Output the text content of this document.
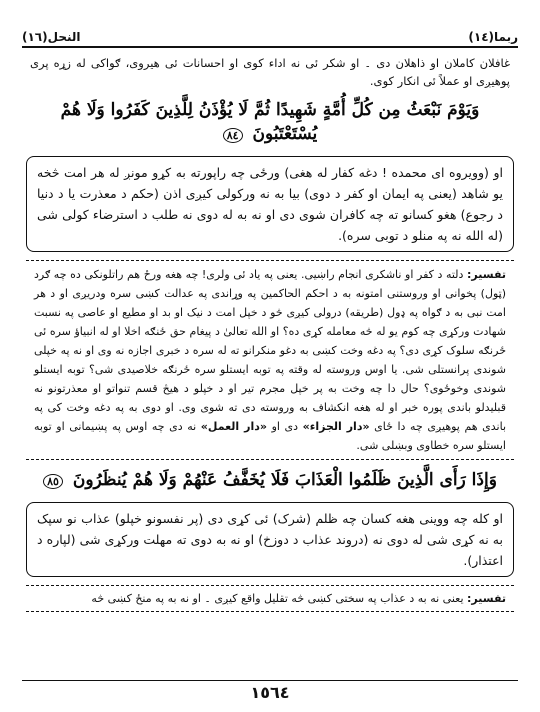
النحل(١٦)	ربما(١٤)
غافلان کاملان او ذاهلان دی ۔ او شکر ئی نه اداء کوی او احسانات ئی هیروی، ګواکی له زړه پری پوهیږی او عملاً ئی انکار کوی.
وَيَوْمَ نَبْعَثُ مِن كُلِّ أُمَّةٍ شَهِيدًا ثُمَّ لَا يُؤْذَنُ لِلَّذِينَ كَفَرُوا وَلَا هُمْ يُسْتَعْتَبُونَ ٨٤
او (وویروه ای محمده ! دغه کفار له هغی) ورځی چه راپورته به کړو مونږ له هر امت څخه یو شاهد (یعنی په ایمان او کفر د دوی) بیا به نه ورکولی کیږی اذن (حکم د معذرت یا د دنیا د رجوع) هغو کسانو ته چه کافران شوی دی او نه به له دوی نه طلب د استرضاء کولی شی (له الله نه په منلو د توبی سره).
تفسیر: دلته د کفر او ناشکری انجام راښیی. یعنی په یاد ئی ولری! چه هغه ورځ هم راتلونکی ده چه ګرد (ټول) پخوانی او وروستنی امتونه به د احکم الحاکمین په وړاندی په عدالت کښی سره ودریږی او د هر امت نبی به د ګواه په ډول (طریقه) درولی کیږی څو د خپل امت د نیک او بد او مطیع او عاصی په نسبت شهادت ورکړی چه کوم یو له څه معامله کړی ده؟ او الله تعالیٰ د پیغام حق ځنګه اخلا او له انبیاؤ سره ئی ځرنګه سلوک کړی دی؟ په دغه وخت کښی به دغو منکرانو ته له سره د خبری اجازه نه وی او نه په خپلی شوندی پرانستلی شی. یا اوس وروسته له وقته په توبه ایستلو سره ځرنګه خلاصیدی شی؟ توبه ایستلو شوندی وخوځوی؟ حال دا چه وخت به پر خپل مجرم تیر او د خپلو د هیڅ قسم تنواتو او معذرتونو نه قبلیدلو باندی پوره خبر او له هغه انکشاف به وروسته دی ته شوی وی. او دوی به په دغه وخت کی په باندی هم پوهیږی چه دا ځای «دار الجزاء» دی او «دار العمل» نه دی چه اوس په پښیمانی او توبه ایستلو سره خطاوی وبښلی شی.
وَإِذَا رَأَى الَّذِينَ ظَلَمُوا الْعَذَابَ فَلَا يُخَفَّفُ عَنْهُمْ وَلَا هُمْ يُنظَرُونَ ٨٥
او کله چه ووینی هغه کسان چه ظلم (شرک) ئی کړی دی (پر نفسونو خپلو) عذاب نو سپک به نه کړی شی له دوی نه (دروند عذاب د دوزخ) او نه به دوی ته مهلت ورکړی شی (لپاره د اعتذار).
تفسیر: یعنی نه به د عذاب په سختی کښی څه تقلیل واقع کیږی ۔ او نه به په منځ کښی څه
١٥٦٤
